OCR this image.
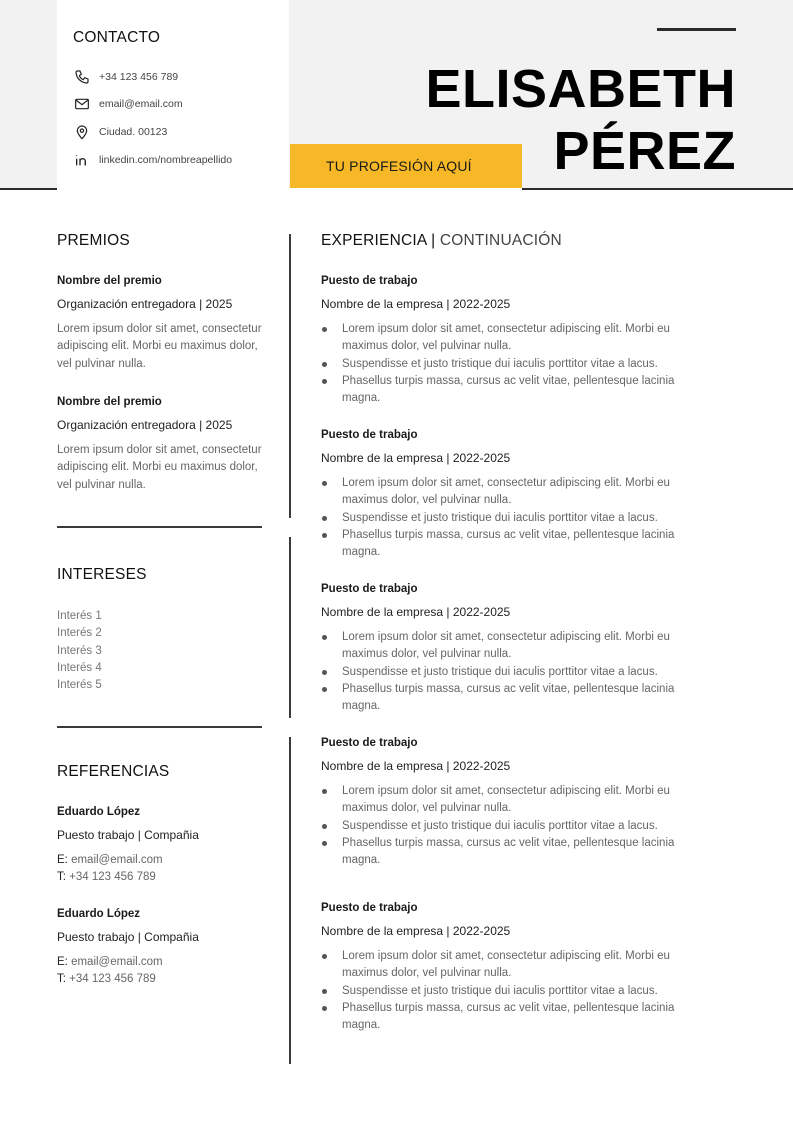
CONTACTO
+34 123 456 789
email@email.com
Ciudad. 00123
linkedin.com/nombreapellido
ELISABETH
PÉREZ
TU PROFESIÓN AQUÍ
PREMIOS
Nombre del premio
Organización entregadora | 2025
Lorem ipsum dolor sit amet, consectetur adipiscing elit. Morbi eu maximus dolor, vel pulvinar nulla.
Nombre del premio
Organización entregadora | 2025
Lorem ipsum dolor sit amet, consectetur adipiscing elit. Morbi eu maximus dolor, vel pulvinar nulla.
INTERESES
Interés 1
Interés 2
Interés 3
Interés 4
Interés 5
REFERENCIAS
Eduardo López
Puesto trabajo | Compañia
E: email@email.com
T: +34 123 456 789
Eduardo López
Puesto trabajo | Compañia
E: email@email.com
T: +34 123 456 789
EXPERIENCIA | CONTINUACIÓN
Puesto de trabajo
Nombre de la empresa | 2022-2025
Lorem ipsum dolor sit amet, consectetur adipiscing elit. Morbi eu maximus dolor, vel pulvinar nulla.
Suspendisse et justo tristique dui iaculis porttitor vitae a lacus.
Phasellus turpis massa, cursus ac velit vitae, pellentesque lacinia magna.
Puesto de trabajo
Nombre de la empresa | 2022-2025
Lorem ipsum dolor sit amet, consectetur adipiscing elit. Morbi eu maximus dolor, vel pulvinar nulla.
Suspendisse et justo tristique dui iaculis porttitor vitae a lacus.
Phasellus turpis massa, cursus ac velit vitae, pellentesque lacinia magna.
Puesto de trabajo
Nombre de la empresa | 2022-2025
Lorem ipsum dolor sit amet, consectetur adipiscing elit. Morbi eu maximus dolor, vel pulvinar nulla.
Suspendisse et justo tristique dui iaculis porttitor vitae a lacus.
Phasellus turpis massa, cursus ac velit vitae, pellentesque lacinia magna.
Puesto de trabajo
Nombre de la empresa | 2022-2025
Lorem ipsum dolor sit amet, consectetur adipiscing elit. Morbi eu maximus dolor, vel pulvinar nulla.
Suspendisse et justo tristique dui iaculis porttitor vitae a lacus.
Phasellus turpis massa, cursus ac velit vitae, pellentesque lacinia magna.
Puesto de trabajo
Nombre de la empresa | 2022-2025
Lorem ipsum dolor sit amet, consectetur adipiscing elit. Morbi eu maximus dolor, vel pulvinar nulla.
Suspendisse et justo tristique dui iaculis porttitor vitae a lacus.
Phasellus turpis massa, cursus ac velit vitae, pellentesque lacinia magna.
